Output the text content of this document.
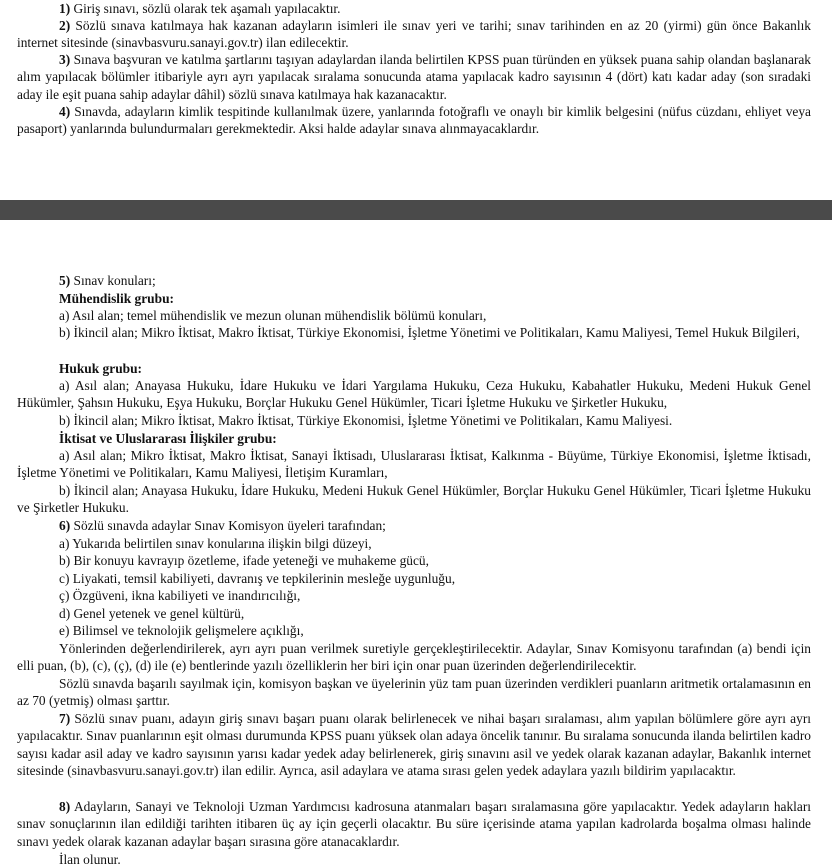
1) Giriş sınavı, sözlü olarak tek aşamalı yapılacaktır.

2) Sözlü sınava katılmaya hak kazanan adayların isimleri ile sınav yeri ve tarihi; sınav tarihinden en az 20 (yirmi) gün önce Bakanlık internet sitesinde (sinavbasvuru.sanayi.gov.tr) ilan edilecektir.

3) Sınava başvuran ve katılma şartlarını taşıyan adaylardan ilanda belirtilen KPSS puan türünden en yüksek puana sahip olandan başlanarak alım yapılacak bölümler itibariyle ayrı ayrı yapılacak sıralama sonucunda atama yapılacak kadro sayısının 4 (dört) katı kadar aday (son sıradaki aday ile eşit puana sahip adaylar dâhil) sözlü sınava katılmaya hak kazanacaktır.

4) Sınavda, adayların kimlik tespitinde kullanılmak üzere, yanlarında fotoğraflı ve onaylı bir kimlik belgesini (nüfus cüzdanı, ehliyet veya pasaport) yanlarında bulundurmaları gerekmektedir. Aksi halde adaylar sınava alınmayacaklardır.

5) Sınav konuları;

Mühendislik grubu:

a) Asıl alan; temel mühendislik ve mezun olunan mühendislik bölümü konuları,

b) İkincil alan; Mikro İktisat, Makro İktisat, Türkiye Ekonomisi, İşletme Yönetimi ve Politikaları, Kamu Maliyesi, Temel Hukuk Bilgileri,

Hukuk grubu:

a) Asıl alan; Anayasa Hukuku, İdare Hukuku ve İdari Yargılama Hukuku, Ceza Hukuku, Kabahatler Hukuku, Medeni Hukuk Genel Hükümler, Şahsın Hukuku, Eşya Hukuku, Borçlar Hukuku Genel Hükümler, Ticari İşletme Hukuku ve Şirketler Hukuku,

b) İkincil alan; Mikro İktisat, Makro İktisat, Türkiye Ekonomisi, İşletme Yönetimi ve Politikaları, Kamu Maliyesi.

İktisat ve Uluslararası İlişkiler grubu:

a) Asıl alan; Mikro İktisat, Makro İktisat, Sanayi İktisadı, Uluslararası İktisat, Kalkınma - Büyüme, Türkiye Ekonomisi, İşletme İktisadı, İşletme Yönetimi ve Politikaları, Kamu Maliyesi, İletişim Kuramları,

b) İkincil alan; Anayasa Hukuku, İdare Hukuku, Medeni Hukuk Genel Hükümler, Borçlar Hukuku Genel Hükümler, Ticari İşletme Hukuku ve Şirketler Hukuku.

6) Sözlü sınavda adaylar Sınav Komisyon üyeleri tarafından;

a) Yukarıda belirtilen sınav konularına ilişkin bilgi düzeyi,

b) Bir konuyu kavrayıp özetleme, ifade yeteneği ve muhakeme gücü,

c) Liyakati, temsil kabiliyeti, davranış ve tepkilerinin mesleğe uygunluğu,

ç) Özgüveni, ikna kabiliyeti ve inandırıcılığı,

d) Genel yetenek ve genel kültürü,

e) Bilimsel ve teknolojik gelişmelere açıklığı,

Yönlerinden değerlendirilerek, ayrı ayrı puan verilmek suretiyle gerçekleştirilecektir. Adaylar, Sınav Komisyonu tarafından (a) bendi için elli puan, (b), (c), (ç), (d) ile (e) bentlerinde yazılı özelliklerin her biri için onar puan üzerinden değerlendirilecektir.

Sözlü sınavda başarılı sayılmak için, komisyon başkan ve üyelerinin yüz tam puan üzerinden verdikleri puanların aritmetik ortalamasının en az 70 (yetmiş) olması şarttır.

7) Sözlü sınav puanı, adayın giriş sınavı başarı puanı olarak belirlenecek ve nihai başarı sıralaması, alım yapılan bölümlere göre ayrı ayrı yapılacaktır. Sınav puanlarının eşit olması durumunda KPSS puanı yüksek olan adaya öncelik tanınır. Bu sıralama sonucunda ilanda belirtilen kadro sayısı kadar asil aday ve kadro sayısının yarısı kadar yedek aday belirlenerek, giriş sınavını asil ve yedek olarak kazanan adaylar, Bakanlık internet sitesinde (sinavbasvuru.sanayi.gov.tr) ilan edilir. Ayrıca, asil adaylara ve atama sırası gelen yedek adaylara yazılı bildirim yapılacaktır.

8) Adayların, Sanayi ve Teknoloji Uzman Yardımcısı kadrosuna atanmaları başarı sıralamasına göre yapılacaktır. Yedek adayların hakları sınav sonuçlarının ilan edildiği tarihten itibaren üç ay için geçerli olacaktır. Bu süre içerisinde atama yapılan kadrolarda boşalma olması halinde sınavı yedek olarak kazanan adaylar başarı sırasına göre atanacaklardır.

İlan olunur.
